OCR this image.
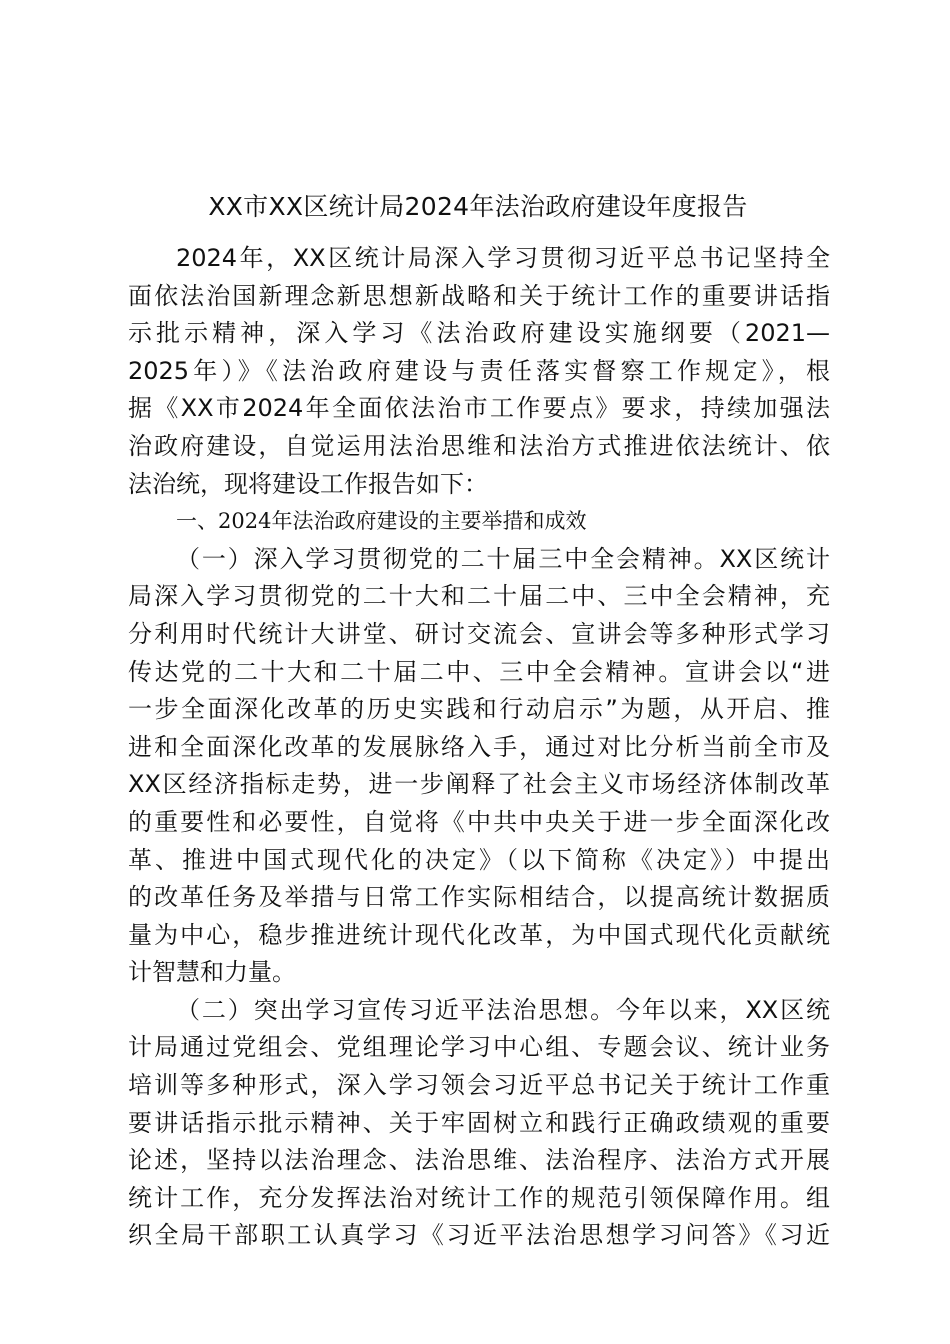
XX市XX区统计局2024年法治政府建设年度报告
2024年，XX区统计局深入学习贯彻习近平总书记坚持全
面依法治国新理念新思想新战略和关于统计工作的重要讲话指
示批示精神，深入学习《法治政府建设实施纲要（2021—
2025年）》《法治政府建设与责任落实督察工作规定》，根
据《XX市2024年全面依法治市工作要点》要求，持续加强法
治政府建设，自觉运用法治思维和法治方式推进依法统计、依
法治统，现将建设工作报告如下：
一、2024年法治政府建设的主要举措和成效
（一）深入学习贯彻党的二十届三中全会精神。XX区统计
局深入学习贯彻党的二十大和二十届二中、三中全会精神，充
分利用时代统计大讲堂、研讨交流会、宣讲会等多种形式学习
传达党的二十大和二十届二中、三中全会精神。宣讲会以“进
一步全面深化改革的历史实践和行动启示”为题，从开启、推
进和全面深化改革的发展脉络入手，通过对比分析当前全市及
XX区经济指标走势，进一步阐释了社会主义市场经济体制改革
的重要性和必要性，自觉将《中共中央关于进一步全面深化改
革、推进中国式现代化的决定》（以下简称《决定》）中提出
的改革任务及举措与日常工作实际相结合，以提高统计数据质
量为中心，稳步推进统计现代化改革，为中国式现代化贡献统
计智慧和力量。
（二）突出学习宣传习近平法治思想。今年以来，XX区统
计局通过党组会、党组理论学习中心组、专题会议、统计业务
培训等多种形式，深入学习领会习近平总书记关于统计工作重
要讲话指示批示精神、关于牢固树立和践行正确政绩观的重要
论述，坚持以法治理念、法治思维、法治程序、法治方式开展
统计工作，充分发挥法治对统计工作的规范引领保障作用。组
织全局干部职工认真学习《习近平法治思想学习问答》《习近
